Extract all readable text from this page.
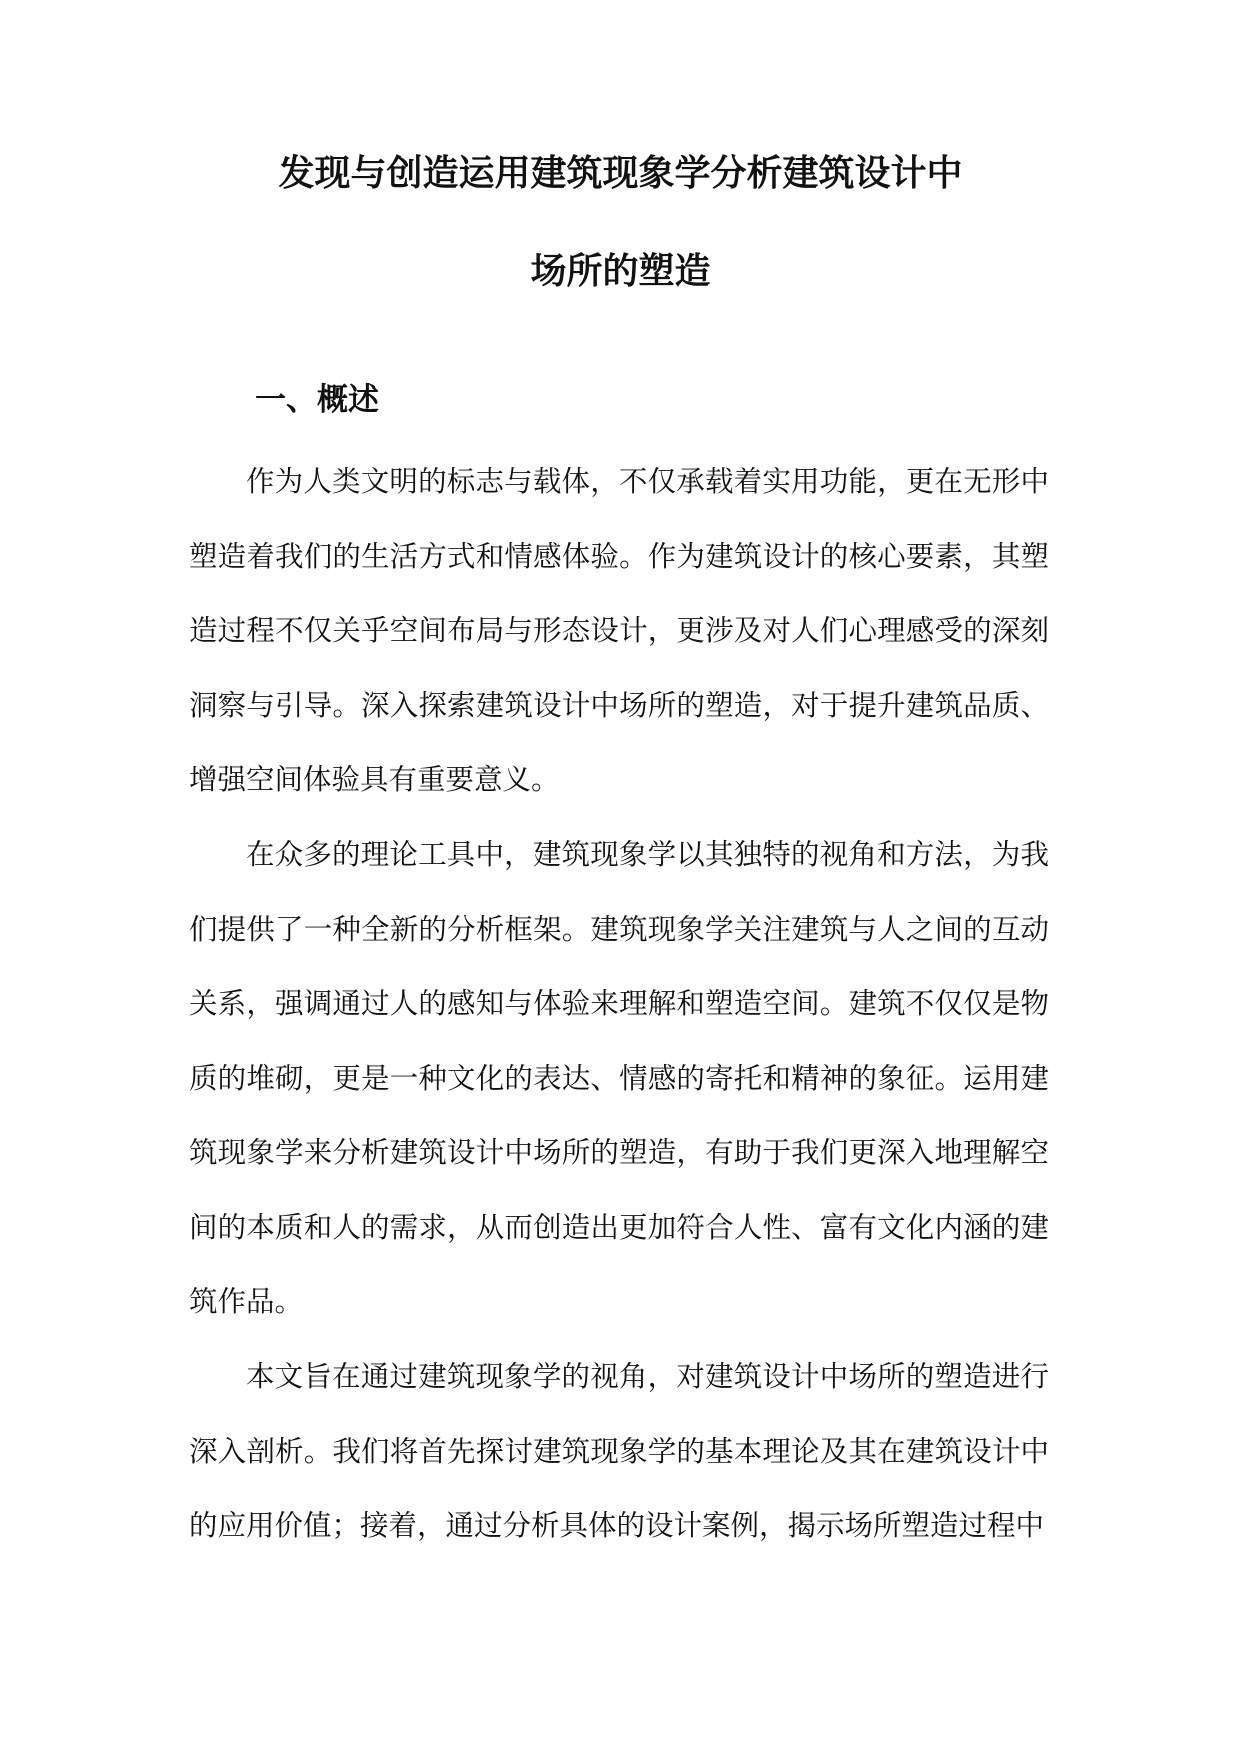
发现与创造运用建筑现象学分析建筑设计中
场所的塑造
一、概述

作为人类文明的标志与载体，不仅承载着实用功能，更在无形中塑造着我们的生活方式和情感体验。作为建筑设计的核心要素，其塑造过程不仅关乎空间布局与形态设计，更涉及对人们心理感受的深刻洞察与引导。深入探索建筑设计中场所的塑造，对于提升建筑品质、增强空间体验具有重要意义。

在众多的理论工具中，建筑现象学以其独特的视角和方法，为我们提供了一种全新的分析框架。建筑现象学关注建筑与人之间的互动关系，强调通过人的感知与体验来理解和塑造空间。建筑不仅仅是物质的堆砌，更是一种文化的表达、情感的寄托和精神的象征。运用建筑现象学来分析建筑设计中场所的塑造，有助于我们更深入地理解空间的本质和人的需求，从而创造出更加符合人性、富有文化内涵的建筑作品。

本文旨在通过建筑现象学的视角，对建筑设计中场所的塑造进行深入剖析。我们将首先探讨建筑现象学的基本理论及其在建筑设计中的应用价值；接着，通过分析具体的设计案例，揭示场所塑造过程中
